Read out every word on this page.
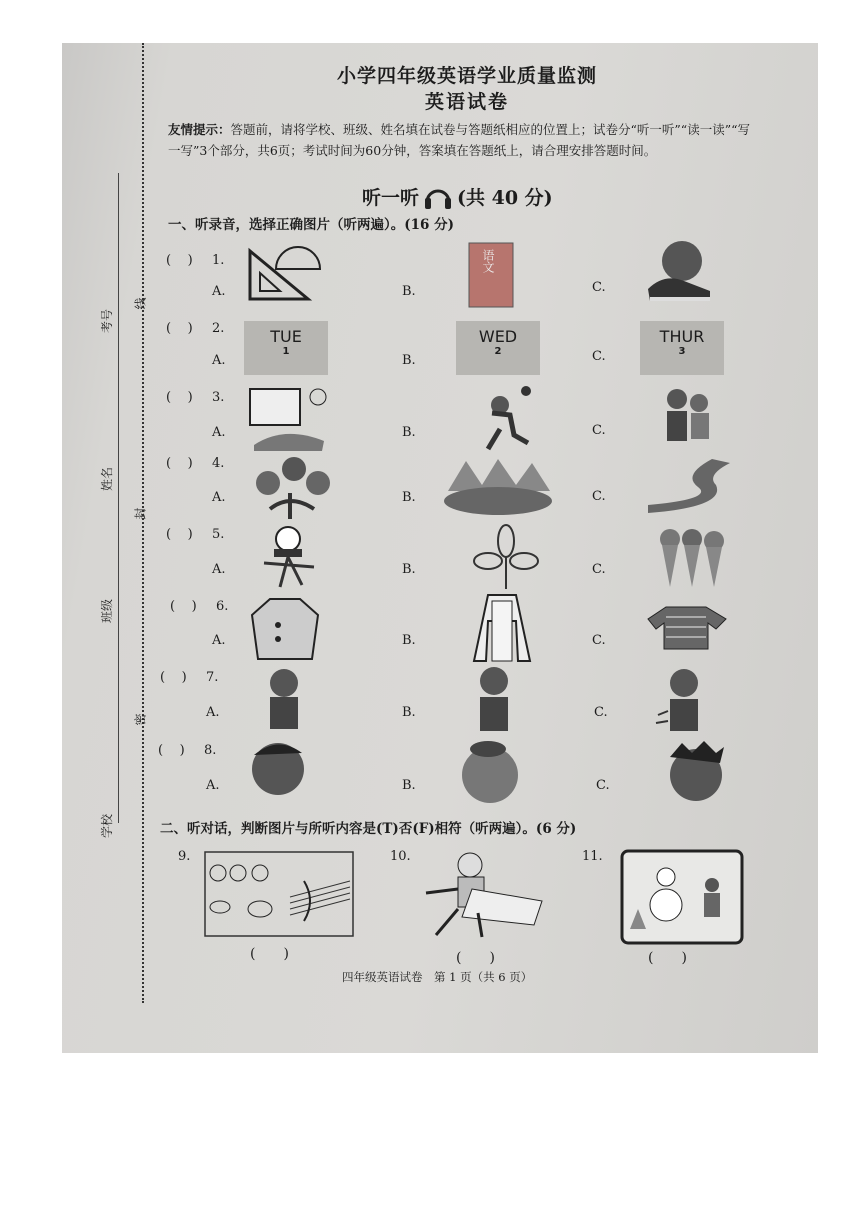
考号
姓名
班级
学校
线
封
密
小学四年级英语学业质量监测
英语试卷
友情提示：答题前，请将学校、班级、姓名填在试卷与答题纸相应的位置上；试卷分“听一听”“读一读”“写一写”3个部分，共6页；考试时间为60分钟，答案填在答题纸上，请合理安排答题时间。
听一听 (共 40 分)
一、听录音，选择正确图片（听两遍）。(16 分)
( ) 1.
A.	B.	C.
语文
( ) 2.
A.	B.	C.
TUE
1
WED
2
THUR
3
( ) 3.
A.	B.	C.
( ) 4.
A.	B.	C.
( ) 5.
A.	B.	C.
( ) 6.
A.	B.	C.
( ) 7.
A.	B.	C.
( ) 8.
A.	B.	C.
二、听对话，判断图片与所听内容是(T)否(F)相符（听两遍）。(6 分)
9.
(　　)
10.
(　　)
11.
(　　)
四年级英语试卷　第 1 页（共 6 页）
